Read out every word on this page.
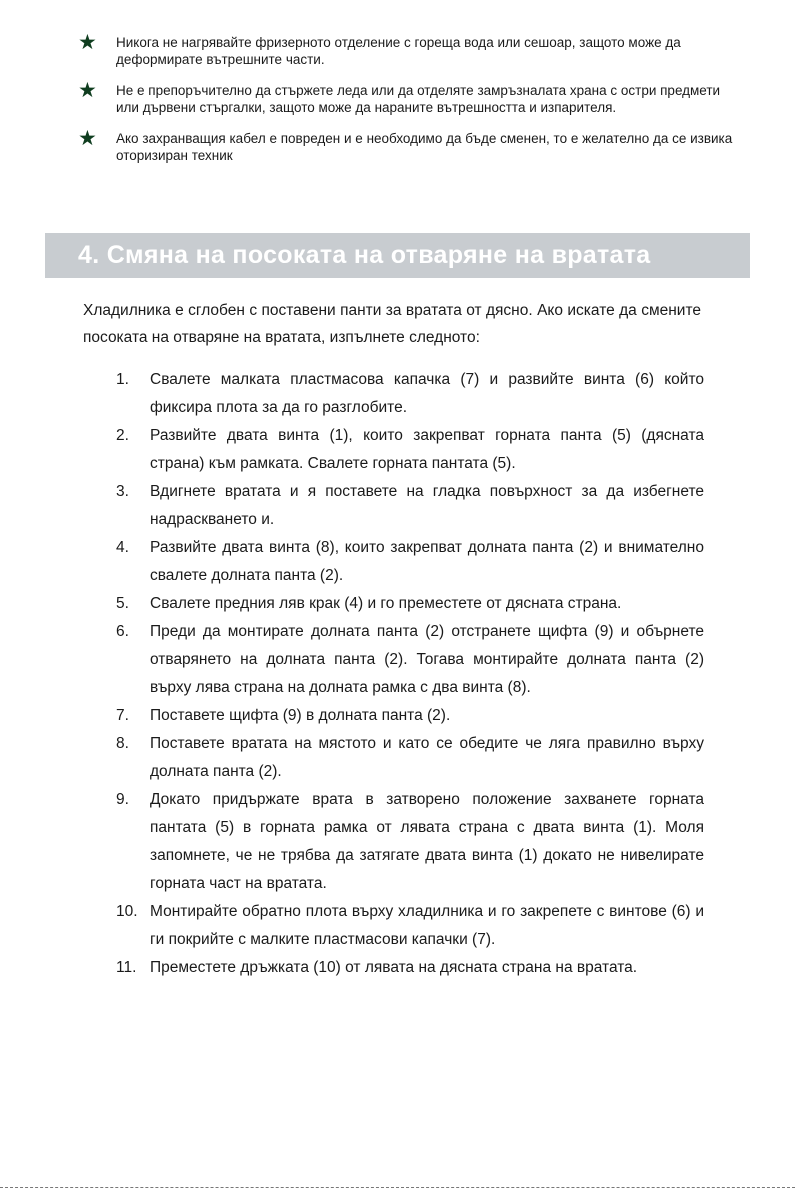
★	Никога не нагрявайте фризерното отделение с гореща вода или сешоар, защото може да деформирате вътрешните части.
★	Не е препоръчително да стържете леда или да отделяте замръзналата храна с остри предмети или дървени стъргалки, защото може да нараните вътрешността и изпарителя.
★	Ако захранващия кабел е повреден и е необходимо да бъде сменен, то е желателно да се извика оторизиран техник
4. Смяна на посоката на отваряне на вратата
Хладилника е сглобен с поставени панти за вратата от дясно. Ако искате да смените посоката на отваряне на вратата, изпълнете следното:
1.	Свалете малката пластмасова капачка (7) и развийте винта (6) който фиксира плота за да го разглобите.
2.	Развийте двата винта (1), които закрепват горната панта (5) (дясната страна) към рамката. Свалете горната пантата (5).
3.	Вдигнете вратата и я поставете на гладка повърхност за да избегнете надраскването и.
4.	Развийте двата винта (8), които закрепват долната панта (2) и внимателно свалете долната панта (2).
5.	Свалете предния ляв крак (4) и го преместете от дясната страна.
6.	Преди да монтирате долната панта (2) отстранете щифта (9) и обърнете отварянето на долната панта (2). Тогава монтирайте долната панта (2) върху лява страна на долната рамка с два винта (8).
7.	Поставете щифта (9) в долната панта (2).
8.	Поставете вратата на мястото и като се обедите че ляга правилно върху долната панта (2).
9.	Докато придържате врата в затворено положение захванете горната пантата (5) в горната рамка от лявата страна с двата винта (1). Моля запомнете, че не трябва да затягате двата винта (1) докато не нивелирате горната част на вратата.
10. Монтирайте обратно плота върху хладилника и го закрепете с винтове (6) и ги покрийте с малките пластмасови капачки (7).
11. Преместете дръжката (10) от лявата на дясната страна на вратата.
